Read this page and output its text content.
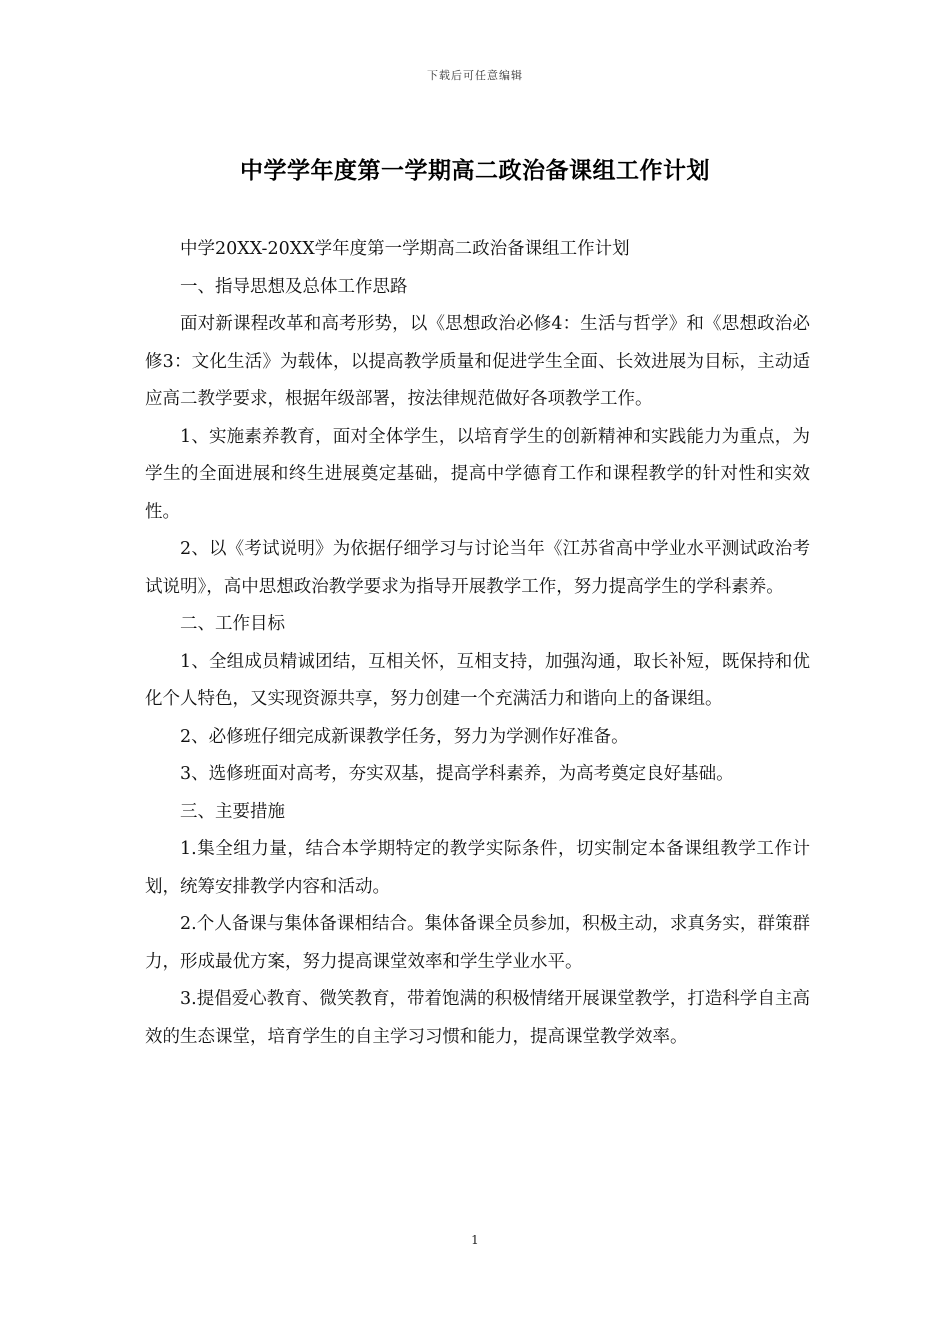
下载后可任意编辑
中学学年度第一学期高二政治备课组工作计划

中学20XX-20XX学年度第一学期高二政治备课组工作计划

一、指导思想及总体工作思路

面对新课程改革和高考形势，以《思想政治必修4：生活与哲学》和《思想政治必修3：文化生活》为载体，以提高教学质量和促进学生全面、长效进展为目标，主动适应高二教学要求，根据年级部署，按法律规范做好各项教学工作。

1、实施素养教育，面对全体学生，以培育学生的创新精神和实践能力为重点，为学生的全面进展和终生进展奠定基础，提高中学德育工作和课程教学的针对性和实效性。

2、以《考试说明》为依据仔细学习与讨论当年《江苏省高中学业水平测试政治考试说明》，高中思想政治教学要求为指导开展教学工作，努力提高学生的学科素养。

二、工作目标

1、全组成员精诚团结，互相关怀，互相支持，加强沟通，取长补短，既保持和优化个人特色，又实现资源共享，努力创建一个充满活力和谐向上的备课组。

2、必修班仔细完成新课教学任务，努力为学测作好准备。

3、选修班面对高考，夯实双基，提高学科素养，为高考奠定良好基础。

三、主要措施

1.集全组力量，结合本学期特定的教学实际条件，切实制定本备课组教学工作计划，统筹安排教学内容和活动。

2.个人备课与集体备课相结合。集体备课全员参加，积极主动，求真务实，群策群力，形成最优方案，努力提高课堂效率和学生学业水平。

3.提倡爱心教育、微笑教育，带着饱满的积极情绪开展课堂教学，打造科学自主高效的生态课堂，培育学生的自主学习习惯和能力，提高课堂教学效率。

1
